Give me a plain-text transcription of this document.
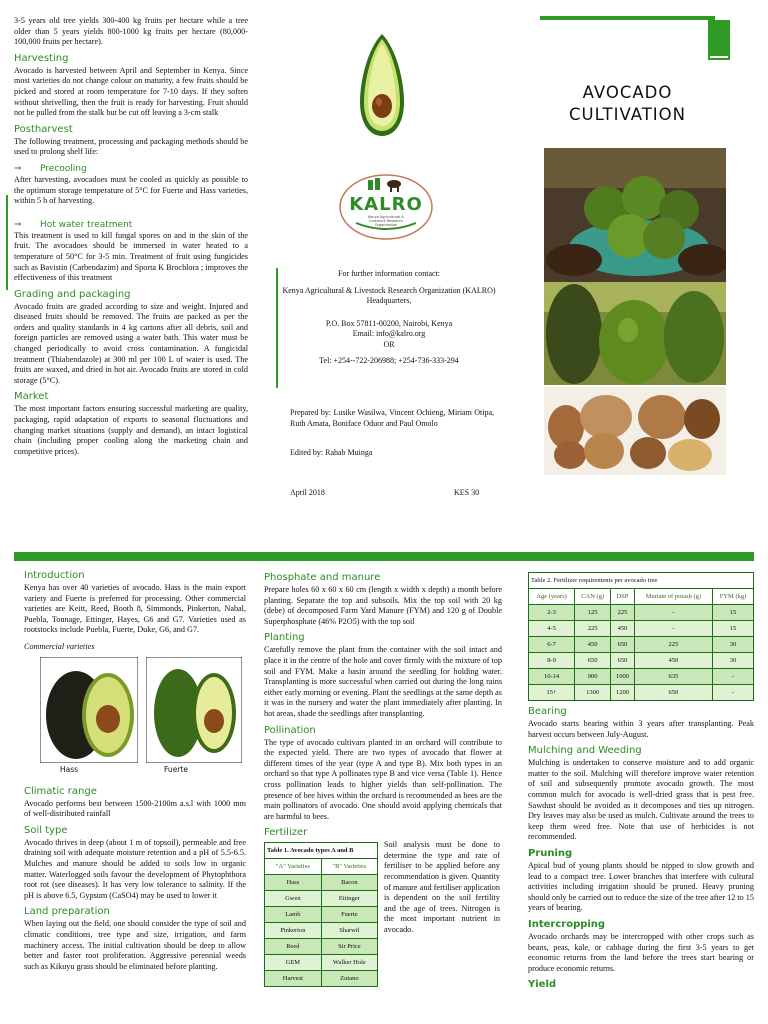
3-5 years old tree yields 300-400 kg fruits per hectare while a tree older than 5 years yields 800-1000 kg fruits per hectare (80,000-100,000 fruits per hectare).
Harvesting
Avocado is harvested between April and September in Kenya. Since most varieties do not change colour on maturity, a few fruits should be picked and stored at room temperature for 7-10 days. If they soften without shrivelling, then the fruit is ready for harvesting. Fruit should not be pulled from the stalk but be cut off leaving a 3-cm stalk
Postharvest
The following treatment, processing and packaging methods should be used to prolong shelf life:
⇒ Precooling
After harvesting, avocadoes must be cooled as quickly as possible to the optimum storage temperature of 5°C for Fuerte and Hass varieties, within 5 h of harvesting.
⇒ Hot water treatment
This treatment is used to kill fungal spores on and in the skin of the fruit. The avocadoes should be immersed in water heated to a temperature of 50°C for 3-5 min. Treatment of fruit using fungicides such as Bavistin (Carbendazim) and Sporta K Brochlora ; improves the effectiveness of this treatment
Grading and packaging
Avocado fruits are graded according to size and weight. Injured and diseased fruits should be removed. The fruits are packed as per the orders and quality standards in 4 kg cartons after all debris, soil and foreign particles are removed using a water bath. This water must be changed periodically to avoid cross contamination. A fungicidal treatment (Thiabendazole) at 300 ml per 100 L of water is used. The fruits are waxed, and dried in hot air. Avocado fruits are stored in cold storage (5°C).
Market
The most important factors ensuring successful marketing are quality, packaging, rapid adaptation of exports to seasonal fluctuations and changing market situations (supply and demand), an intact logistical chain (including proper cooling along the marketing chain and competitive prices).
KALRO
Kenya Agricultural & Livestock Research Organization
For further information contact:
Kenya Agricultural & Livestock Research Organization (KALRO) Headquarters,
P.O. Box 57811-00200, Nairobi, Kenya
Email: info@kalro.org
OR
Tel: +254--722-206988; +254-736-333-294
Prepared by: Lusike Wasilwa, Vincent Ochieng, Miriam Otipa, Ruth Amata, Boniface Oduor and Paul Omolo
Edited by: Rahab Muinga
April 2018	KES 30
AVOCADO
CULTIVATION
Introduction
Kenya has over 40 varieties of avocado. Hass is the main export variety and Fuerte is preferred for processing. Other commercial varieties are Keitt, Reed, Booth 8, Simmonds, Pinkerton, Nabal, Puebla, Tonnage, Ettinger, Hayes, G6 and G7. Varieties used as rootstocks include Puebla, Fuerte, Duke, G6, and G7.
Commercial varieties
Hass	Fuerte
Climatic range
Avocado performs best between 1500-2100m a.s.l with 1000 mm of well-distributed rainfall
Soil type
Avocado thrives in deep (about 1 m of topsoil), permeable and free draining soil with adequate moisture retention and a pH of 5.5-6.5. Mulches and manure should be added to soils low in organic matter. Waterlogged soils favour the development of Phytophthora root rot (see diseases). It has very low tolerance to salinity. If the pH is above 6.5, Gypsum (CaSO4) may be used to lower it
Land preparation
When laying out the field, one should consider the type of soil and climatic conditions, tree type and size, irrigation, and farm machinery access. The initial cultivation should be deep to allow better and faster root proliferation. Aggressive perennial weeds such as Kikuyu grass should be eliminated before planting.
Phosphate and manure
Prepare holes 60 x 60 x 60 cm (length x width x depth) a month before planting. Separate the top and subsoils. Mix the top soil with 20 kg (debe) of decomposed Farm Yard Manure (FYM) and 120 g of Double Superphosphate (46% P2O5) with the top soil
Planting
Carefully remove the plant from the container with the soil intact and place it in the centre of the hole and cover firmly with the mixture of top soil and FYM. Make a basin around the seedling for holding water. Transplanting is more successful when carried out during the long rains either early morning or evening. Plant the seedlings at the same depth as it was in the nursery and water the plant immediately after planting. In hot areas, shade the seedlings after transplanting.
Pollination
The type of avocado cultivars planted in an orchard will contribute to the expected yield. There are two types of avocado that flower at different times of the year (type A and type B). Mix both types in an orchard so that type A pollinates type B and vice versa (Table 1). Hence cross pollination leads to higher yields than self-pollination. The presence of bee hives within the orchard is recommended as bees are the main pollinators of avocado. One should avoid applying chemicals that are harmful to bees.
Fertilizer
Table 1. Avocado types A and B	
"A" Varieties	"B" Varieties
Hass	Bacon
Gwen	Ettinger
Lamb	Fuerte
Pinkerton	Sharwil
Reed	Sir Price
GEM	Walker Hole
Harvest	Zutano
Soil analysis must be done to determine the type and rate of fertiliser to be applied before any recommendation is given. Quantity of manure and fertiliser application is dependent on the soil fertility and the age of trees. Nitrogen is the most important nutrient in avocado.
Table 2. Fertilizer requirements per avocado tree				
Age (years)	CAN (g)	DSP	Muriate of potash (g)	FYM (kg)
2-3	125	225	-	15
4-5	225	450	-	15
6-7	450	650	225	30
8-9	650	650	450	30
10-14	900	1000	635	-
15+	1300	1200	650	-
Bearing
Avocado starts bearing within 3 years after transplanting. Peak harvest occurs between July-August.
Mulching and Weeding
Mulching is undertaken to conserve moisture and to add organic matter to the soil. Mulching will therefore improve water retention of soil and subsequently promote avocado growth. The most common mulch for avocado is well-dried grass that is pest free. Sawdust should be avoided as it decomposes and ties up nitrogen. Dry leaves may also be used as mulch. Cultivate around the trees to keep them weed free. Note that use of herbicides is not recommended.
Pruning
Apical bud of young plants should be nipped to slow growth and lead to a compact tree. Lower branches that interfere with cultural activities including irrigation should be pruned. Heavy pruning should only be carried out to reduce the size of the tree after 12 to 15 years of bearing.
Intercropping
Avocado orchards may be intercropped with other crops such as beans, peas, kale, or cabbage during the first 3-5 years to get economic returns from the land before the trees start bearing or produce economic returns.
Yield
